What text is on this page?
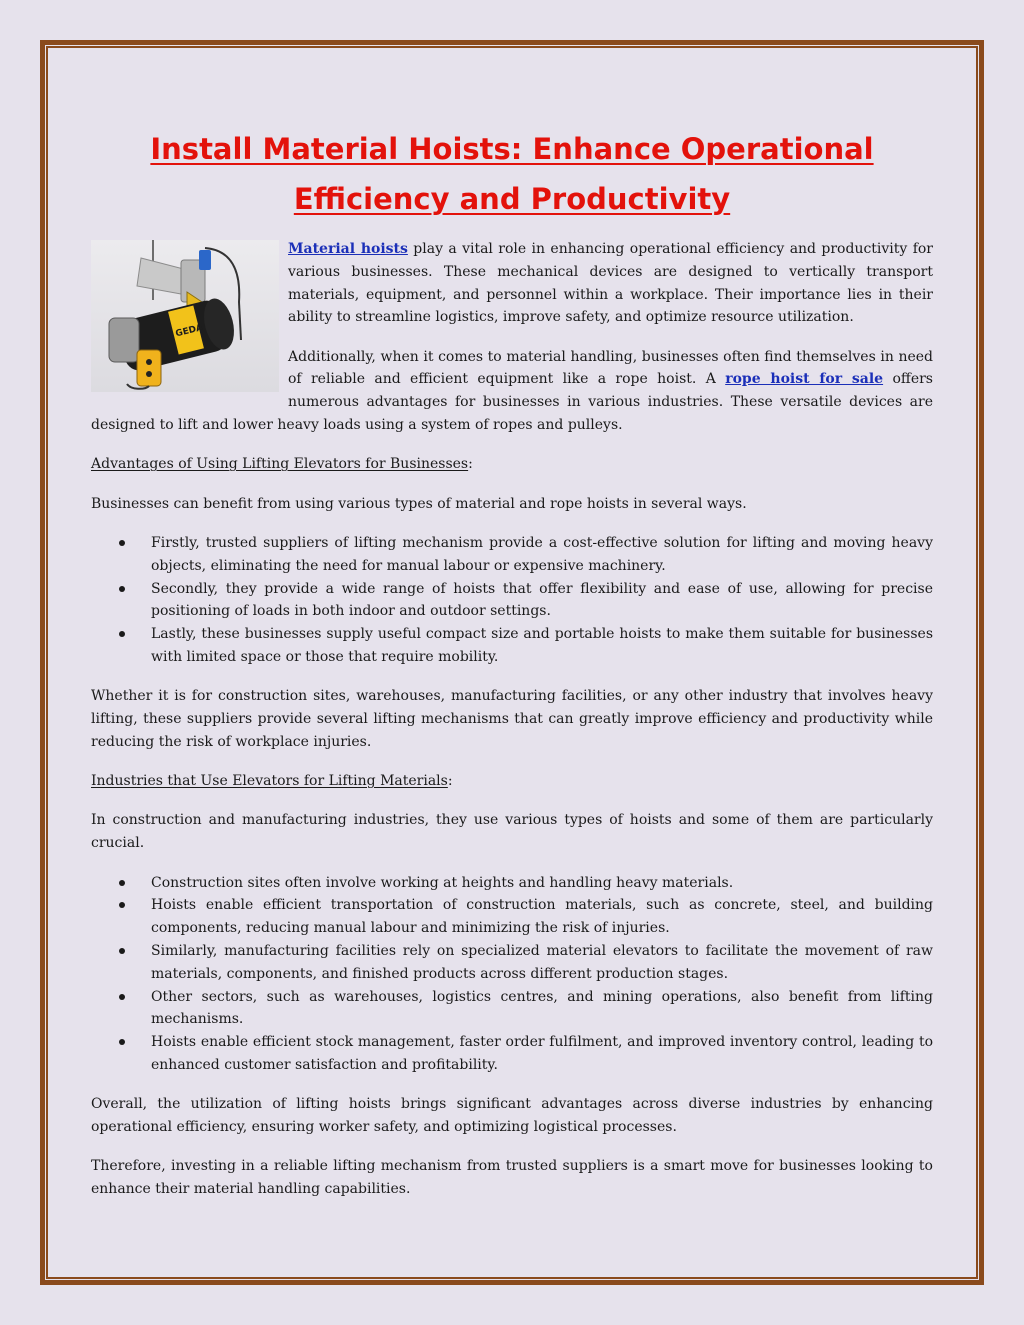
Install Material Hoists: Enhance Operational Efficiency and Productivity
GEDA

Material hoists play a vital role in enhancing operational efficiency and productivity for various businesses. These mechanical devices are designed to vertically transport materials, equipment, and personnel within a workplace. Their importance lies in their ability to streamline logistics, improve safety, and optimize resource utilization.

Additionally, when it comes to material handling, businesses often find themselves in need of reliable and efficient equipment like a rope hoist. A rope hoist for sale offers numerous advantages for businesses in various industries. These versatile devices are designed to lift and lower heavy loads using a system of ropes and pulleys.

Advantages of Using Lifting Elevators for Businesses:

Businesses can benefit from using various types of material and rope hoists in several ways.

Firstly, trusted suppliers of lifting mechanism provide a cost-effective solution for lifting and moving heavy objects, eliminating the need for manual labour or expensive machinery.
Secondly, they provide a wide range of hoists that offer flexibility and ease of use, allowing for precise positioning of loads in both indoor and outdoor settings.
Lastly, these businesses supply useful compact size and portable hoists to make them suitable for businesses with limited space or those that require mobility.

Whether it is for construction sites, warehouses, manufacturing facilities, or any other industry that involves heavy lifting, these suppliers provide several lifting mechanisms that can greatly improve efficiency and productivity while reducing the risk of workplace injuries.

Industries that Use Elevators for Lifting Materials:

In construction and manufacturing industries, they use various types of hoists and some of them are particularly crucial.

Construction sites often involve working at heights and handling heavy materials.
Hoists enable efficient transportation of construction materials, such as concrete, steel, and building components, reducing manual labour and minimizing the risk of injuries.
Similarly, manufacturing facilities rely on specialized material elevators to facilitate the movement of raw materials, components, and finished products across different production stages.
Other sectors, such as warehouses, logistics centres, and mining operations, also benefit from lifting mechanisms.
Hoists enable efficient stock management, faster order fulfilment, and improved inventory control, leading to enhanced customer satisfaction and profitability.

Overall, the utilization of lifting hoists brings significant advantages across diverse industries by enhancing operational efficiency, ensuring worker safety, and optimizing logistical processes.

Therefore, investing in a reliable lifting mechanism from trusted suppliers is a smart move for businesses looking to enhance their material handling capabilities.
